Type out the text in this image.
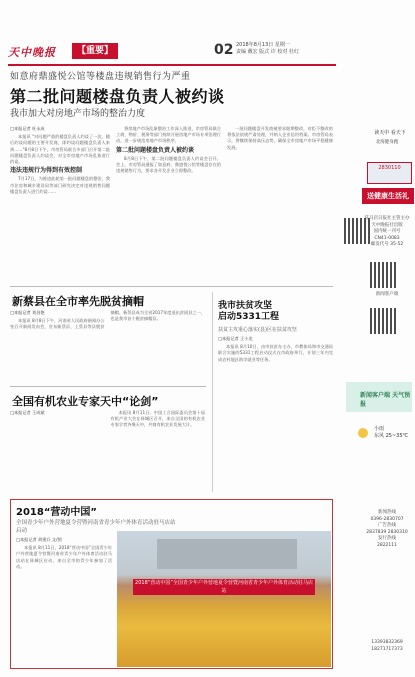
天中晚报	【重要】	02 2018年8月13日 星期一
责编 戴宏 版式 许 校对 杜红
如意府鼎盛悦公馆等楼盘违规销售行为严重
第二批问题楼盘负责人被约谈
我市加大对房地产市场的整治力度
□本报记者 杜永成

本报讯 "对问题严重的楼盘负责人约谈了一次，随后约谈问题的主要开发商，即约谈问题楼盘负责人来到……"8月8日下午，市房管局联合多部门召开第二批问题楼盘负责人约谈会，对全市房地产市场乱象进行约谈。

违法违规行为得到有效控制

7月17日，为推进此轮第一批问题楼盘的整治，我市住房和城乡建设局等部门研究决定对违规销售问题楼盘负责人进行约谈……

将房地产市场乱象整治工作深入推进，市房管局联合工商、物价、税务等部门持续开展房地产市场专项治理行动，进一步规范房地产市场秩序。

第二批问题楼盘负责人被约谈

8月8日下午，第二批问题楼盘负责人约谈会召开。会上，市房管局通报了如意府、鼎盛悦公馆等楼盘存在的违规销售行为，要求各开发企业立即整改。

一批问题楼盘开发商被要求限期整改，对拒不整改的将依法依规严肃处理，并纳入企业信用档案。市房管局表示，将继续保持高压态势，确保全市房地产市场平稳健康发展。

新蔡县在全市率先脱贫摘帽
□本报记者 刘昌艳

本报讯 8月8日下午，河南省人民政府新闻办公室召开新闻发布会，宣布新蔡县、上蔡县等县脱贫摘帽。新蔡县成为全省2017年度退出贫困县之一，也是我市首个脱贫摘帽县。

我市扶贫攻坚
启动5331工程
扶贫主攻重心落实(县)区在扶贫攻坚
□本报记者 王小龙

本报讯 8月10日，由市扶贫办主办、市教体局和市交通局联合实施的5331工程启动仪式在市政府举行，计划三年内完成农村地区助学就业等任务。

全国有机农业专家天中“论剑”
□本报记者 王成斌	本报讯 8月11日，中国工合国际委员会第十届有机产业大会在驿城区召开，来自全国的有机农业专家学者齐聚天中，共商有机农业发展大计。

2018“营动中国”
全国青少年户外营地夏令营暨河南省青少年户外体育活动驻马店站
启动
□本报记者 胡建兵 文/图

本报讯 8月11日，2018“营动中国”全国青少年户外营地夏令营暨河南省青少年户外体育活动驻马店站在驿城区启动。来自全市的青少年参加了活动。

2018“营动中国”全国青少年户外营地夏令营暨河南省青少年户外体育活动驻马店站
读天中 看天下
北海健身跑
2830110
送健康生活礼
驻马店日报社主管主办
天中晚报社出版
国内统一刊号
CN41-0083
邮发代号 35-52
新闻客户端
新闻客户端 天气预报
小雨
东风 25~35℃
新闻热线
0396-2830707
广告热线
2837839 2830310
发行热线
2822111
13393832369
18271717373
